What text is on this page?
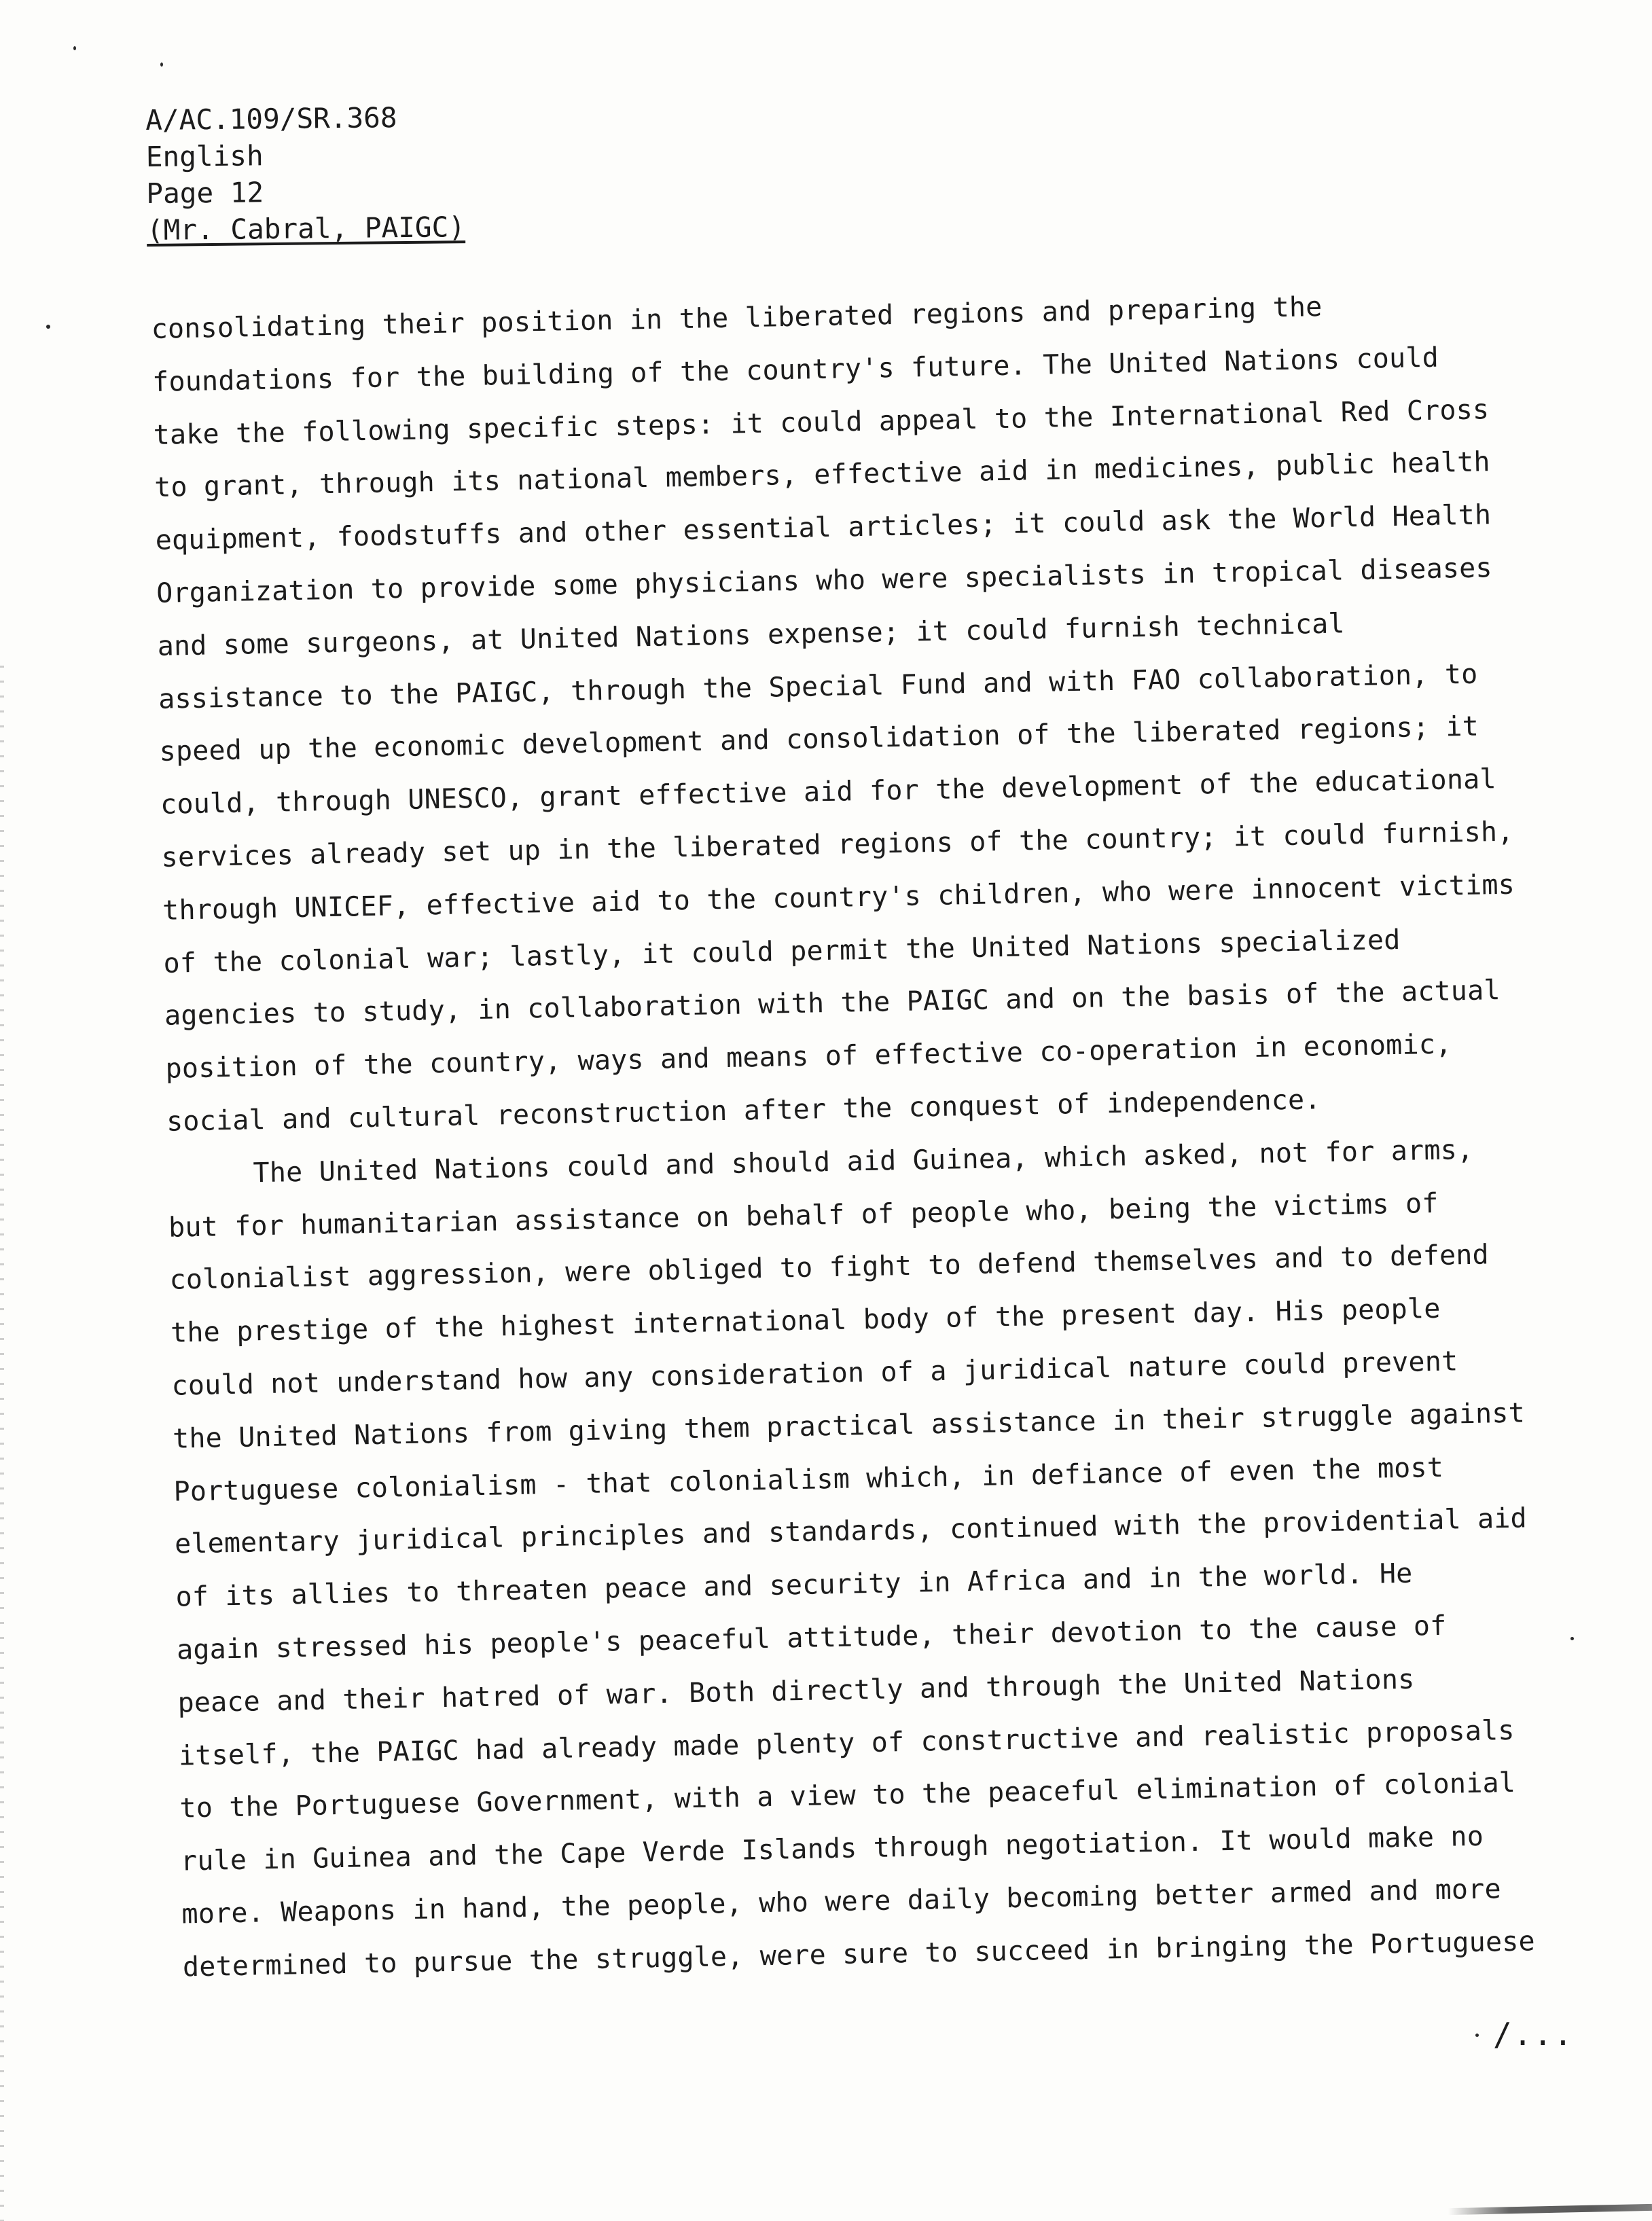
A/AC.109/SR.368
English
Page 12
(Mr. Cabral, PAIGC)
consolidating their position in the liberated regions and preparing the
foundations for the building of the country's future. The United Nations could
take the following specific steps: it could appeal to the International Red Cross
to grant, through its national members, effective aid in medicines, public health
equipment, foodstuffs and other essential articles; it could ask the World Health
Organization to provide some physicians who were specialists in tropical diseases
and some surgeons, at United Nations expense; it could furnish technical
assistance to the PAIGC, through the Special Fund and with FAO collaboration, to
speed up the economic development and consolidation of the liberated regions; it
could, through UNESCO, grant effective aid for the development of the educational
services already set up in the liberated regions of the country; it could furnish,
through UNICEF, effective aid to the country's children, who were innocent victims
of the colonial war; lastly, it could permit the United Nations specialized
agencies to study, in collaboration with the PAIGC and on the basis of the actual
position of the country, ways and means of effective co-operation in economic,
social and cultural reconstruction after the conquest of independence.
The United Nations could and should aid Guinea, which asked, not for arms,
but for humanitarian assistance on behalf of people who, being the victims of
colonialist aggression, were obliged to fight to defend themselves and to defend
the prestige of the highest international body of the present day. His people
could not understand how any consideration of a juridical nature could prevent
the United Nations from giving them practical assistance in their struggle against
Portuguese colonialism - that colonialism which, in defiance of even the most
elementary juridical principles and standards, continued with the providential aid
of its allies to threaten peace and security in Africa and in the world. He
again stressed his people's peaceful attitude, their devotion to the cause of
peace and their hatred of war. Both directly and through the United Nations
itself, the PAIGC had already made plenty of constructive and realistic proposals
to the Portuguese Government, with a view to the peaceful elimination of colonial
rule in Guinea and the Cape Verde Islands through negotiation. It would make no
more. Weapons in hand, the people, who were daily becoming better armed and more
determined to pursue the struggle, were sure to succeed in bringing the Portuguese
/...
